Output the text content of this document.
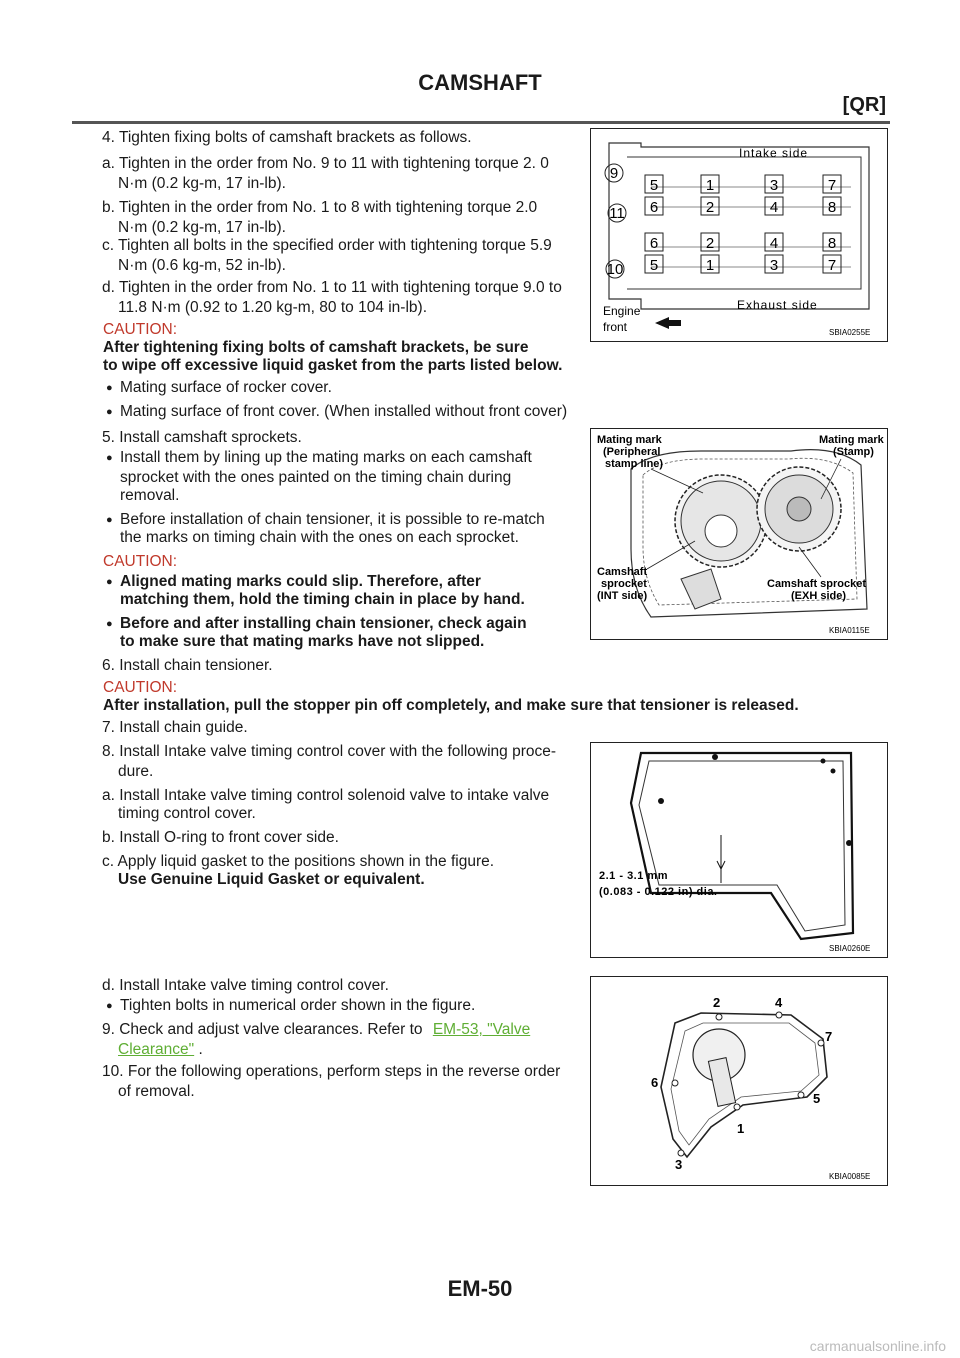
CAMSHAFT
[QR]
4. Tighten fixing bolts of camshaft brackets as follows.
a. Tighten in the order from No. 9 to 11 with tightening torque 2. 0
N·m (0.2 kg-m, 17 in-lb).
b. Tighten in the order from No. 1 to 8 with tightening torque 2.0
N·m (0.2 kg-m, 17 in-lb).
c. Tighten all bolts in the specified order with tightening torque 5.9
N·m (0.6 kg-m, 52 in-lb).
d. Tighten in the order from No. 1 to 11 with tightening torque 9.0 to
11.8 N·m (0.92 to 1.20 kg-m, 80 to 104 in-lb).
CAUTION:
After tightening fixing bolts of camshaft brackets, be sure
to wipe off excessive liquid gasket from the parts listed below.
● Mating surface of rocker cover.
● Mating surface of front cover. (When installed without front cover)
5. Install camshaft sprockets.
● Install them by lining up the mating marks on each camshaft
sprocket with the ones painted on the timing chain during
removal.
● Before installation of chain tensioner, it is possible to re-match
the marks on timing chain with the ones on each sprocket.
CAUTION:
● Aligned mating marks could slip. Therefore, after
matching them, hold the timing chain in place by hand.
● Before and after installing chain tensioner, check again
to make sure that mating marks have not slipped.
6. Install chain tensioner.
CAUTION:
After installation, pull the stopper pin off completely, and make sure that tensioner is released.
7. Install chain guide.
8. Install Intake valve timing control cover with the following proce-
dure.
a. Install Intake valve timing control solenoid valve to intake valve
timing control cover.
b. Install O-ring to front cover side.
c. Apply liquid gasket to the positions shown in the figure.
Use Genuine Liquid Gasket or equivalent.
d. Install Intake valve timing control cover.
● Tighten bolts in numerical order shown in the figure.
9. Check and adjust valve clearances. Refer to EM-53, "Valve
Clearance" .
10. For the following operations, perform steps in the reverse order
of removal.
Intake side
Exhaust side
Engine
front	SBIA0255E
5	1	3	7
6	2	4	8
6	2	4	8
5	1	3	7
9
11
10
Mating mark
(Peripheral
stamp line)
Mating mark
(Stamp)
Camshaft
sprocket
(INT side)
Camshaft sprocket
(EXH side)
KBIA0115E
2.1 - 3.1 mm
(0.083 - 0.122 in) dia.
SBIA0260E
2	4
7
6
5
1
3
KBIA0085E
EM-50
carmanualsonline.info
